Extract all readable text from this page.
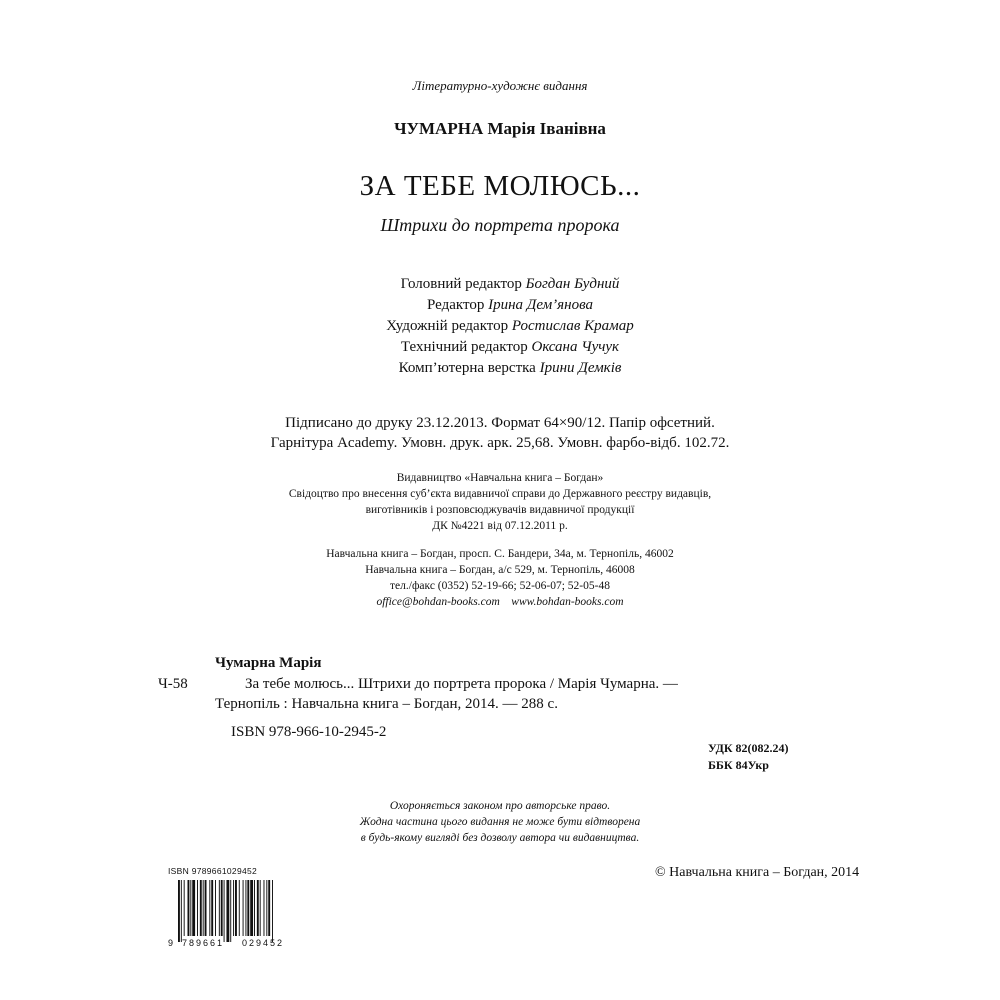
Літературно-художнє видання
ЧУМАРНА Марія Іванівна
ЗА ТЕБЕ МОЛЮСЬ...
Штрихи до портрета пророка
Головний редактор Богдан Будний
Редактор Ірина Дем’янова
Художній редактор Ростислав Крамар
Технічний редактор Оксана Чучук
Комп’ютерна верстка Ірини Демків
Підписано до друку 23.12.2013. Формат 64×90/12. Папір офсетний.
Гарнітура Academy. Умовн. друк. арк. 25,68. Умовн. фарбо-відб. 102.72.
Видавництво «Навчальна книга – Богдан»
Свідоцтво про внесення суб’єкта видавничої справи до Державного реєстру видавців,
виготівників і розповсюджувачів видавничої продукції
ДК №4221 від 07.12.2011 р.
Навчальна книга – Богдан, просп. С. Бандери, 34а, м. Тернопіль, 46002
Навчальна книга – Богдан, а/с 529, м. Тернопіль, 46008
тел./факс (0352) 52-19-66; 52-06-07; 52-05-48
office@bohdan-books.com www.bohdan-books.com
Чумарна Марія
Ч-58	За тебе молюсь... Штрихи до портрета пророка / Марія Чумарна. —
Тернопіль : Навчальна книга – Богдан, 2014. — 288 с.
ISBN 978-966-10-2945-2
УДК 82(082.24)
ББК 84Укр
Охороняється законом про авторське право.
Жодна частина цього видання не може бути відтворена
в будь-якому вигляді без дозволу автора чи видавництва.
© Навчальна книга – Богдан, 2014
ISBN 9789661029452
9 789661 029452
